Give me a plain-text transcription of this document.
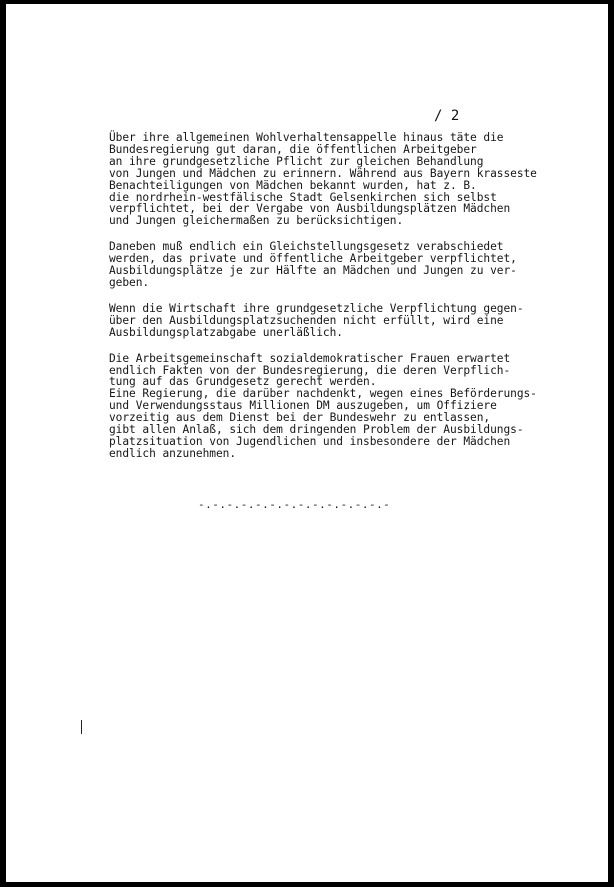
/ 2
Über ihre allgemeinen Wohlverhaltensappelle hinaus täte die
Bundesregierung gut daran, die öffentlichen Arbeitgeber
an ihre grundgesetzliche Pflicht zur gleichen Behandlung
von Jungen und Mädchen zu erinnern. Während aus Bayern krasseste
Benachteiligungen von Mädchen bekannt wurden, hat z. B.
die nordrhein-westfälische Stadt Gelsenkirchen sich selbst
verpflichtet, bei der Vergabe von Ausbildungsplätzen Mädchen
und Jungen gleichermaßen zu berücksichtigen.
Daneben muß endlich ein Gleichstellungsgesetz verabschiedet
werden, das private und öffentliche Arbeitgeber verpflichtet,
Ausbildungsplätze je zur Hälfte an Mädchen und Jungen zu ver-
geben.
Wenn die Wirtschaft ihre grundgesetzliche Verpflichtung gegen-
über den Ausbildungsplatzsuchenden nicht erfüllt, wird eine
Ausbildungsplatzabgabe unerläßlich.
Die Arbeitsgemeinschaft sozialdemokratischer Frauen erwartet
endlich Fakten von der Bundesregierung, die deren Verpflich-
tung auf das Grundgesetz gerecht werden.
Eine Regierung, die darüber nachdenkt, wegen eines Beförderungs-
und Verwendungsstaus Millionen DM auszugeben, um Offiziere
vorzeitig aus dem Dienst bei der Bundeswehr zu entlassen,
gibt allen Anlaß, sich dem dringenden Problem der Ausbildungs-
platzsituation von Jugendlichen und insbesondere der Mädchen
endlich anzunehmen.
-.-.-.-.-.-.-.-.-.-.-.-.-.-
